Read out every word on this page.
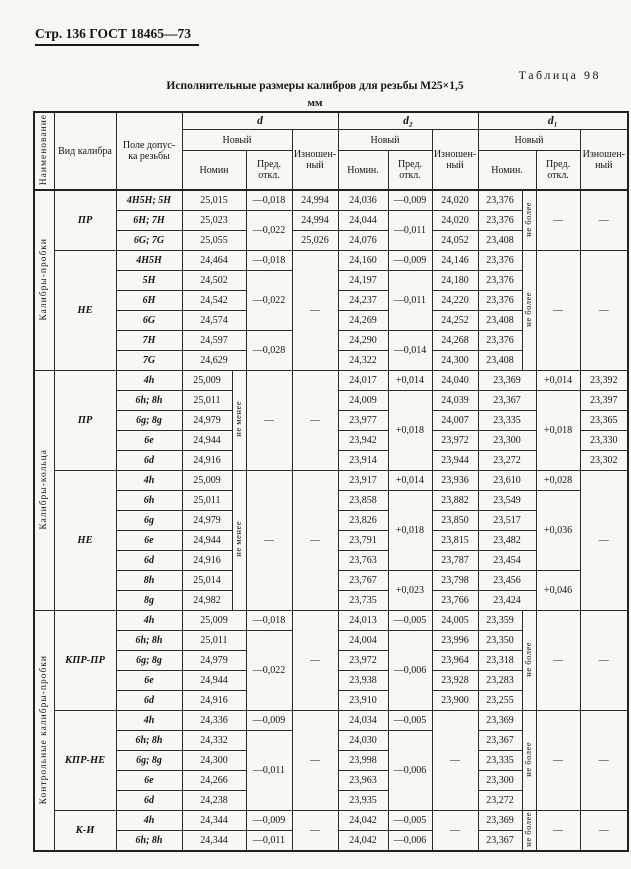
Стр. 136 ГОСТ 18465—73
Таблица 98
Исполнительные размеры калибров для резьбы М25×1,5
мм
Наименование	Вид калибра	Поле допус- ка резьбы	d				d₂			d₁			
			Новый			Изношен- ный	Новый		Изношен- ный	Новый			Изношен- ный
			Номин		Пред. откл.		Номин.	Пред. откл.		Номин.		Пред. откл.	
Калибры-пробки	ПР	4Н5Н; 5Н	25,015		—0,018	24,994	24,036	—0,009	24,020	23,376	не более	—	—
		6Н; 7Н	25,023		—0,022	24,994	24,044	—0,011	24,020	23,376			
		6G; 7G	25,055			25,026	24,076		24,052	23,408			
	НЕ	4Н5Н	24,464		—0,018	—	24,160	—0,009	24,146	23,376	не более	—	—
		5Н	24,502		—0,022		24,197	—0,011	24,180	23,376			
		6Н	24,542				24,237		24,220	23,376			
		6G	24,574				24,269		24,252	23,408			
		7Н	24,597		—0,028		24,290	—0,014	24,268	23,376			
		7G	24,629				24,322		24,300	23,408			
Калибры-кольца	ПР	4h	25,009	не менее	—	—	24,017	+0,014	24,040	23,369		+0,014	23,392
		6h; 8h	25,011				24,009	+0,018	24,039	23,367		+0,018	23,397
		6g; 8g	24,979				23,977		24,007	23,335			23,365
		6e	24,944				23,942		23,972	23,300			23,330
		6d	24,916				23,914		23,944	23,272			23,302
	НЕ	4h	25,009	не менее	—	—	23,917	+0,014	23,936	23,610		+0,028	—
		6h	25,011				23,858	+0,018	23,882	23,549		+0,036	
		6g	24,979				23,826		23,850	23,517			
		6e	24,944				23,791		23,815	23,482			
		6d	24,916				23,763		23,787	23,454			
		8h	25,014				23,767	+0,023	23,798	23,456		+0,046	
		8g	24,982				23,735		23,766	23,424			
Контрольные калибры-пробки	КПР-ПР	4h	25,009		—0,018	—	24,013	—0,005	24,005	23,359	не более	—	—
		6h; 8h	25,011		—0,022		24,004	—0,006	23,996	23,350			
		6g; 8g	24,979				23,972		23,964	23,318			
		6e	24,944				23,938		23,928	23,283			
		6d	24,916				23,910		23,900	23,255			
	КПР-НЕ	4h	24,336		—0,009	—	24,034	—0,005	—	23,369	не более	—	—
		6h; 8h	24,332		—0,011		24,030	—0,006		23,367			
		6g; 8g	24,300				23,998			23,335			
		6e	24,266				23,963			23,300			
		6d	24,238				23,935			23,272			
	К-И	4h	24,344		—0,009	—	24,042	—0,005	—	23,369	не более	—	—
		6h; 8h	24,344		—0,011		24,042	—0,006		23,367			
